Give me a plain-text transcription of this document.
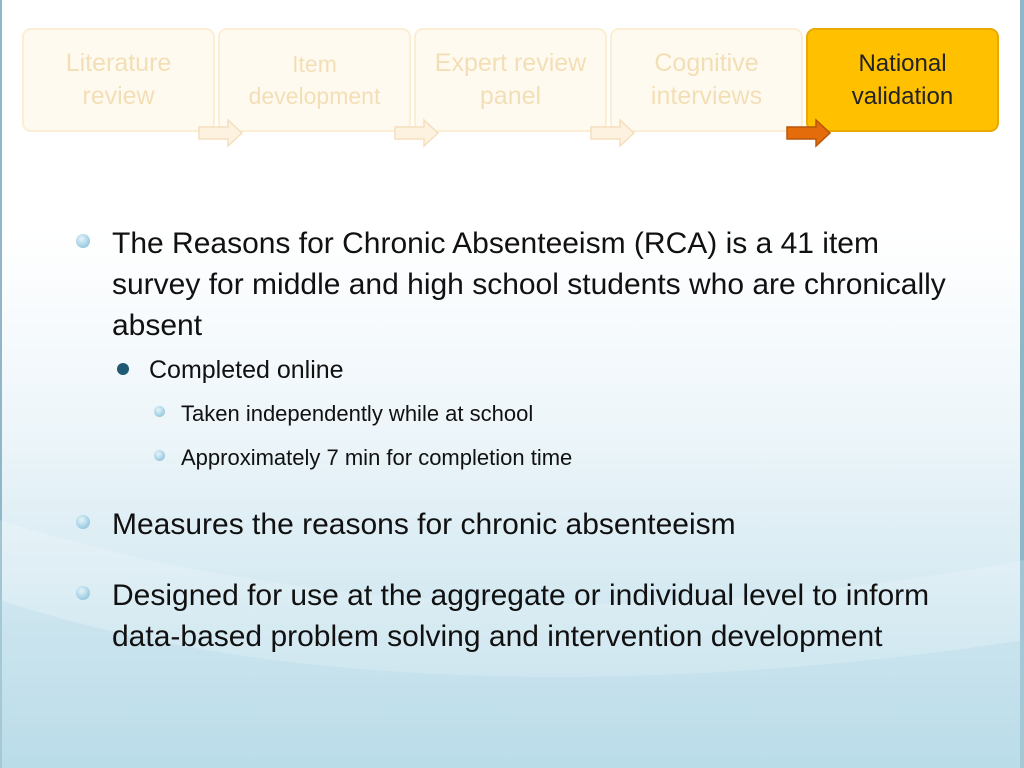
Literature
review
Item
development
Expert review
panel
Cognitive
interviews
National
validation
The Reasons for Chronic Absenteeism (RCA) is a 41 item survey for middle and high school students who are chronically absent
Completed online
Taken independently while at school
Approximately 7 min for completion time
Measures the reasons for chronic absenteeism
Designed for use at the aggregate or individual level to inform data-based problem solving and intervention development
